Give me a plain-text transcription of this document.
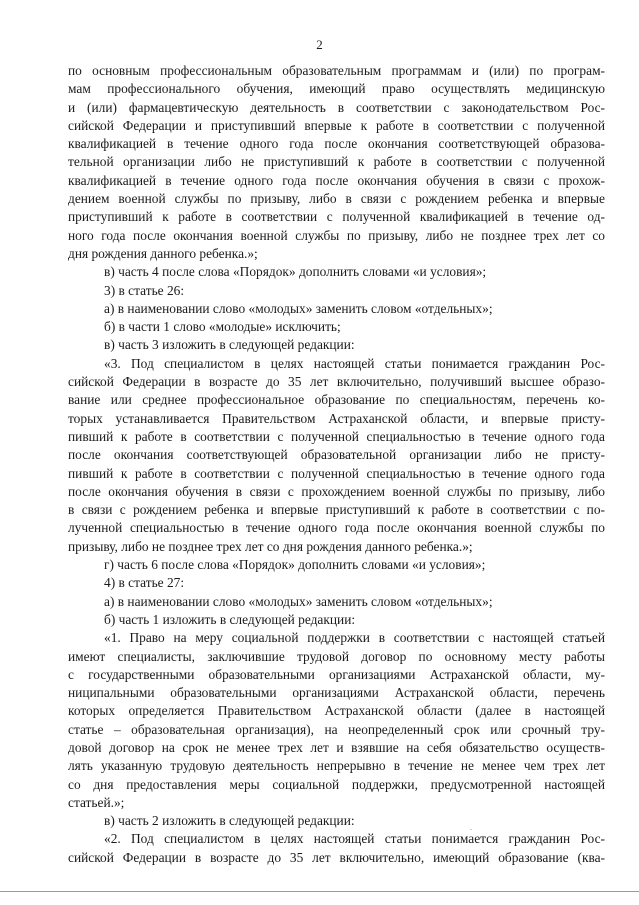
2
по основным профессиональным образовательным программам и (или) по програм-
мам профессионального обучения, имеющий право осуществлять медицинскую
и (или) фармацевтическую деятельность в соответствии с законодательством Рос-
сийской Федерации и приступивший впервые к работе в соответствии с полученной
квалификацией в течение одного года после окончания соответствующей образова-
тельной организации либо не приступивший к работе в соответствии с полученной
квалификацией в течение одного года после окончания обучения в связи с прохож-
дением военной службы по призыву, либо в связи с рождением ребенка и впервые
приступивший к работе в соответствии с полученной квалификацией в течение од-
ного года после окончания военной службы по призыву, либо не позднее трех лет со
дня рождения данного ребенка.»;
в) часть 4 после слова «Порядок» дополнить словами «и условия»;
3) в статье 26:
а) в наименовании слово «молодых» заменить словом «отдельных»;
б) в части 1 слово «молодые» исключить;
в) часть 3 изложить в следующей редакции:
«3. Под специалистом в целях настоящей статьи понимается гражданин Рос-
сийской Федерации в возрасте до 35 лет включительно, получивший высшее образо-
вание или среднее профессиональное образование по специальностям, перечень ко-
торых устанавливается Правительством Астраханской области, и впервые присту-
пивший к работе в соответствии с полученной специальностью в течение одного года
после окончания соответствующей образовательной организации либо не присту-
пивший к работе в соответствии с полученной специальностью в течение одного года
после окончания обучения в связи с прохождением военной службы по призыву, либо
в связи с рождением ребенка и впервые приступивший к работе в соответствии с по-
лученной специальностью в течение одного года после окончания военной службы по
призыву, либо не позднее трех лет со дня рождения данного ребенка.»;
г) часть 6 после слова «Порядок» дополнить словами «и условия»;
4) в статье 27:
а) в наименовании слово «молодых» заменить словом «отдельных»;
б) часть 1 изложить в следующей редакции:
«1. Право на меру социальной поддержки в соответствии с настоящей статьей
имеют специалисты, заключившие трудовой договор по основному месту работы
с государственными образовательными организациями Астраханской области, му-
ниципальными образовательными организациями Астраханской области, перечень
которых определяется Правительством Астраханской области (далее в настоящей
статье – образовательная организация), на неопределенный срок или срочный тру-
довой договор на срок не менее трех лет и взявшие на себя обязательство осуществ-
лять указанную трудовую деятельность непрерывно в течение не менее чем трех лет
со дня предоставления меры социальной поддержки, предусмотренной настоящей
статьей.»;
в) часть 2 изложить в следующей редакции:
«2. Под специалистом в целях настоящей статьи понимается гражданин Рос-
сийской Федерации в возрасте до 35 лет включительно, имеющий образование (ква-
